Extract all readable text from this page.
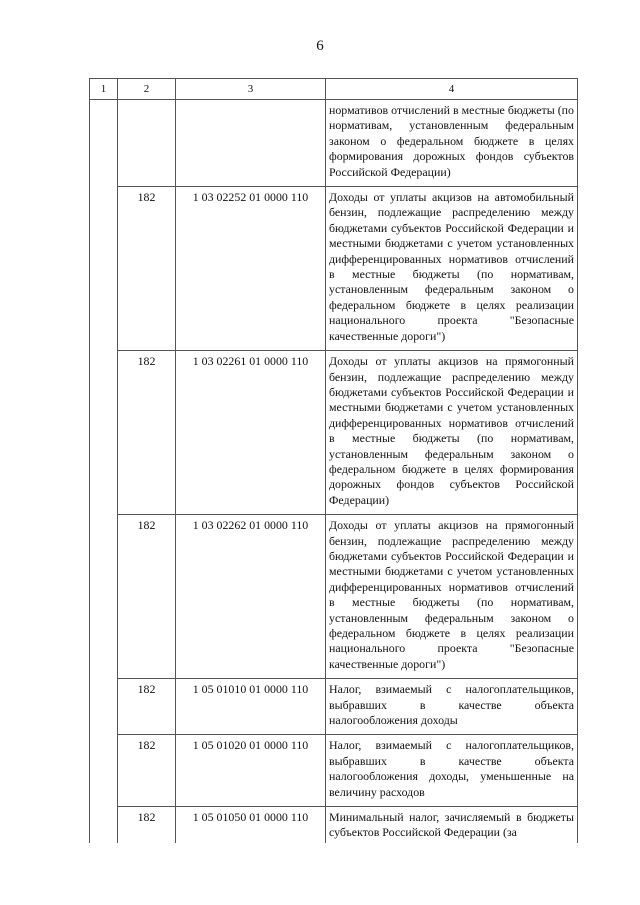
6
1	2	3	4
			нормативов отчислений в местные бюджеты (по нормативам, установленным федеральным законом о федеральном бюджете в целях формирования дорожных фондов субъектов Российской Федерации)
	182	1 03 02252 01 0000 110	Доходы от уплаты акцизов на автомобильный бензин, подлежащие распределению между бюджетами субъектов Российской Федерации и местными бюджетами с учетом установленных дифференцированных нормативов отчислений в местные бюджеты (по нормативам, установленным федеральным законом о федеральном бюджете в целях реализации национального проекта "Безопасные качественные дороги")
	182	1 03 02261 01 0000 110	Доходы от уплаты акцизов на прямогонный бензин, подлежащие распределению между бюджетами субъектов Российской Федерации и местными бюджетами с учетом установленных дифференцированных нормативов отчислений в местные бюджеты (по нормативам, установленным федеральным законом о федеральном бюджете в целях формирования дорожных фондов субъектов Российской Федерации)
	182	1 03 02262 01 0000 110	Доходы от уплаты акцизов на прямогонный бензин, подлежащие распределению между бюджетами субъектов Российской Федерации и местными бюджетами с учетом установленных дифференцированных нормативов отчислений в местные бюджеты (по нормативам, установленным федеральным законом о федеральном бюджете в целях реализации национального проекта "Безопасные качественные дороги")
	182	1 05 01010 01 0000 110	Налог, взимаемый с налогоплательщиков, выбравших в качестве объекта налогообложения доходы
	182	1 05 01020 01 0000 110	Налог, взимаемый с налогоплательщиков, выбравших в качестве объекта налогообложения доходы, уменьшенные на величину расходов
	182	1 05 01050 01 0000 110	Минимальный налог, зачисляемый в бюджеты субъектов Российской Федерации (за
